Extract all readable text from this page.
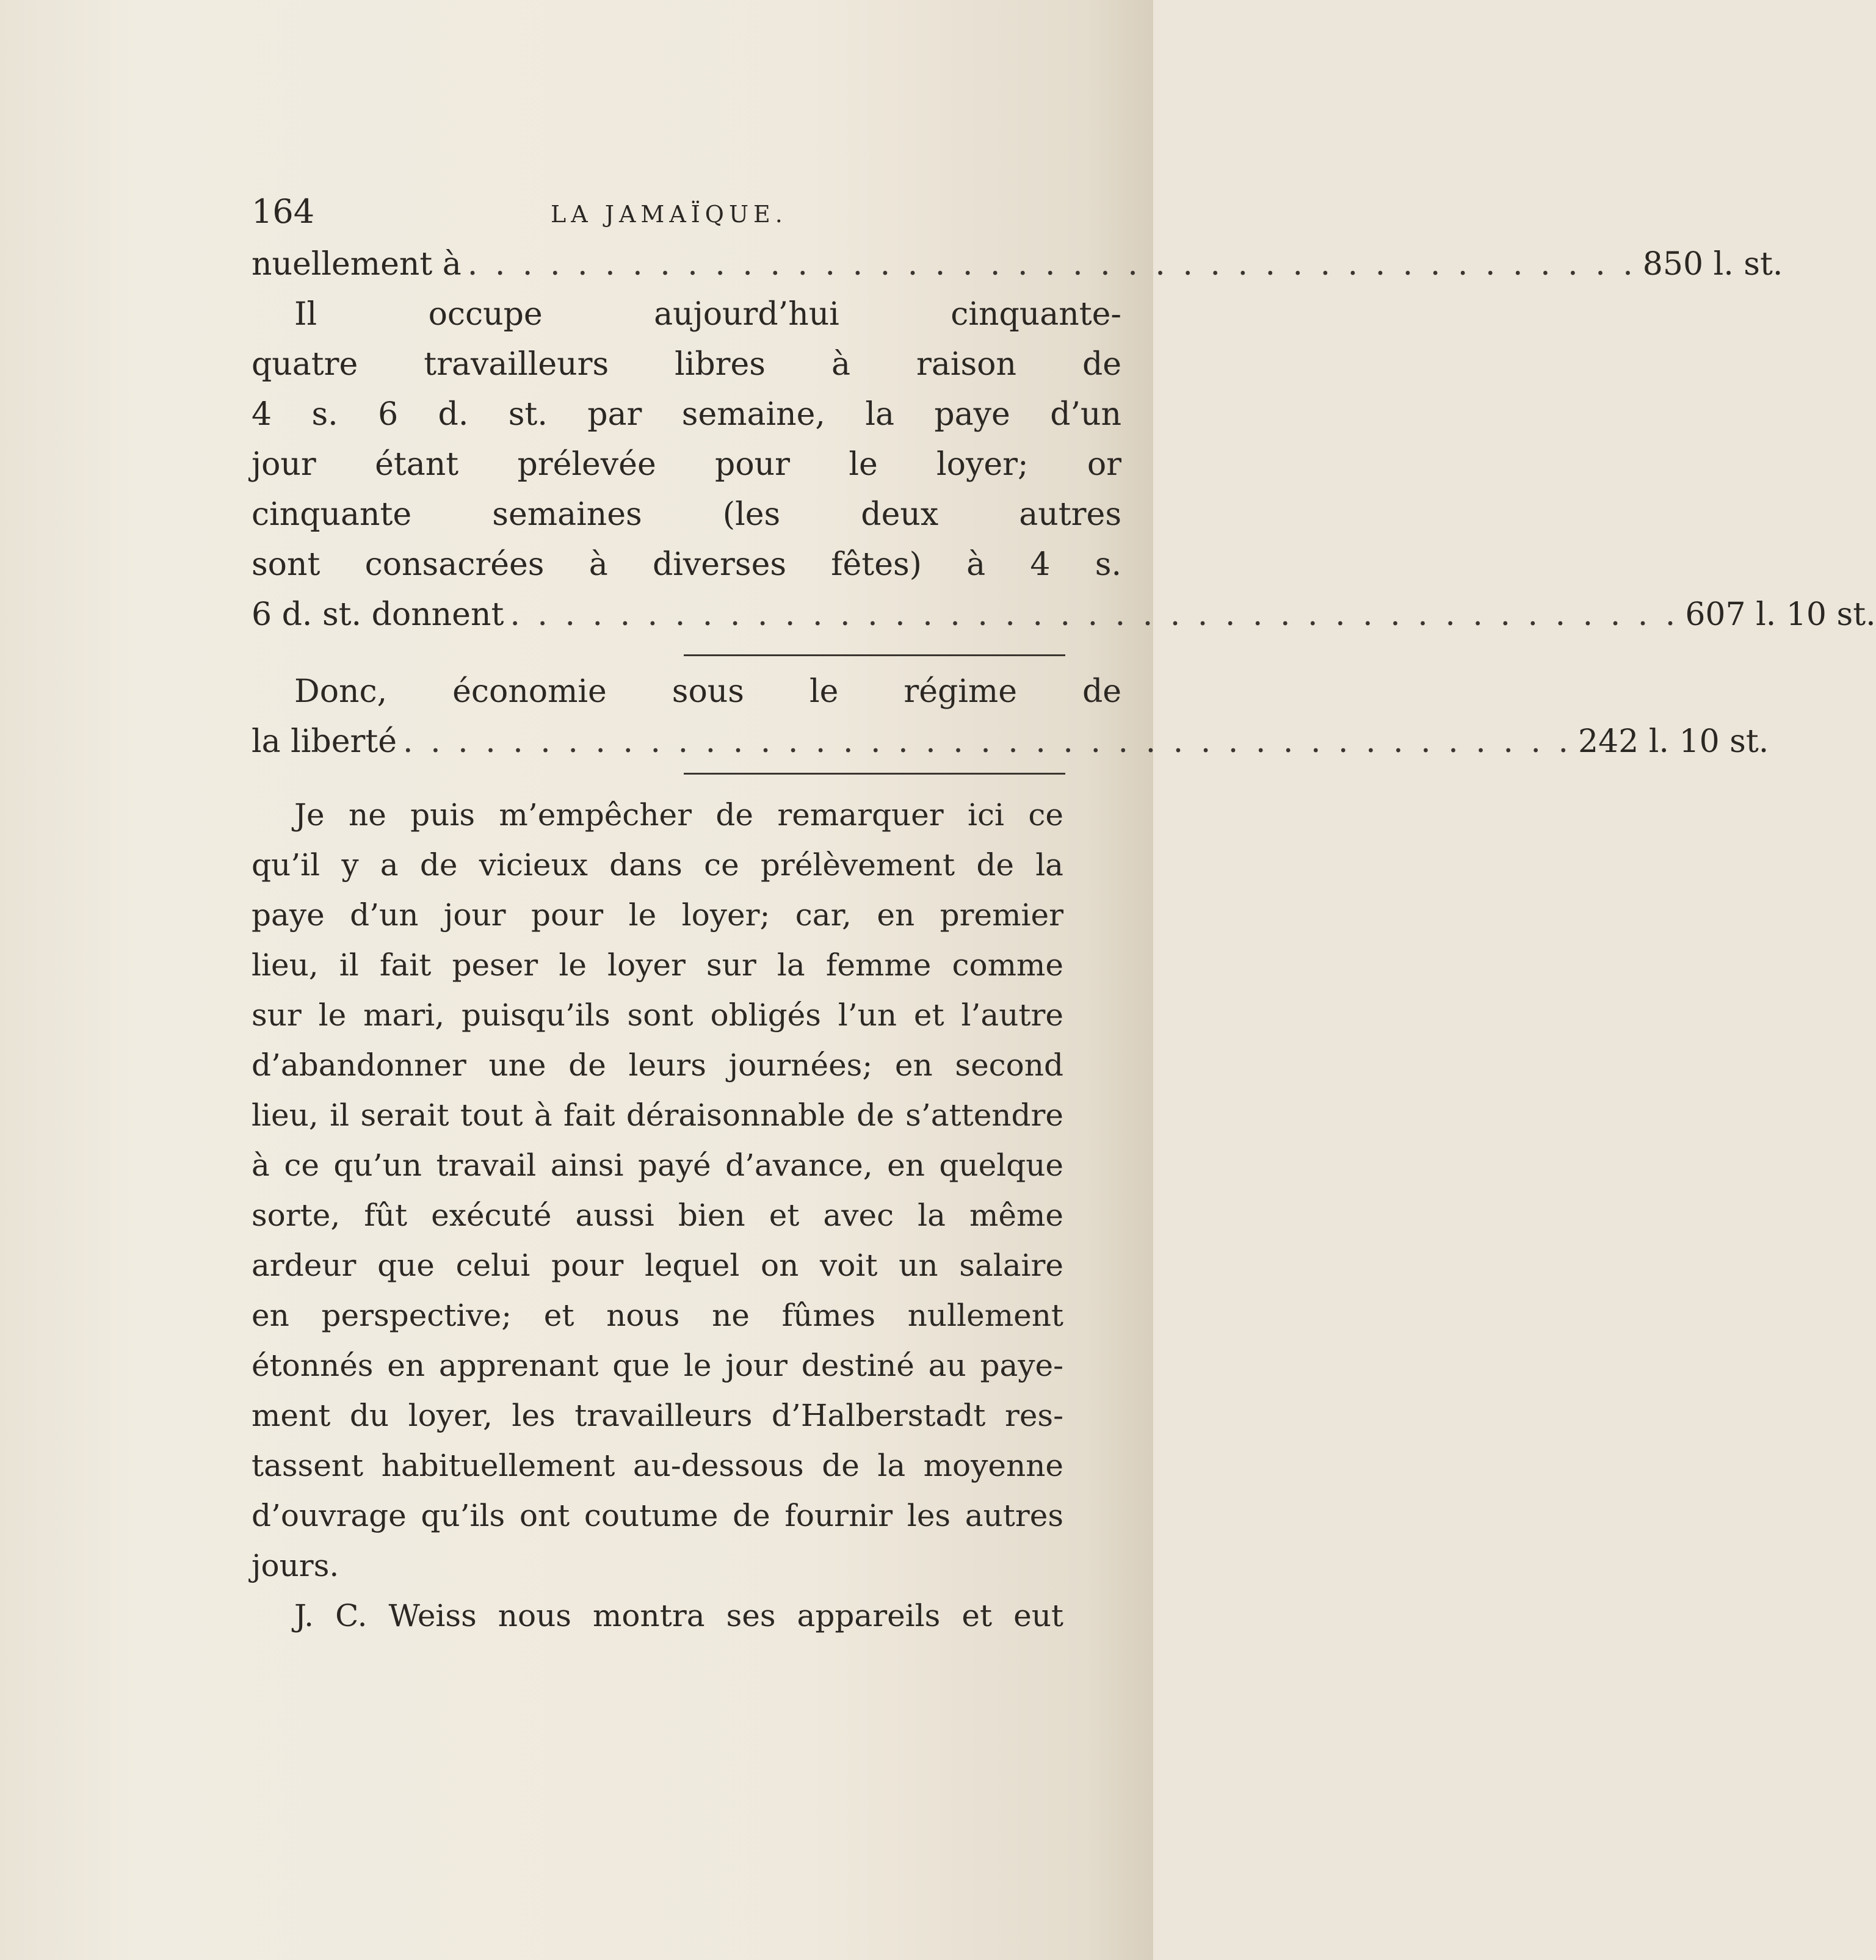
164	LA JAMAÏQUE.
nuellement à . . . . . . . . . . . . . . . . . . . . . . . . . . . . . . . . . . . . . . . . . . . 850 l. st.
Il occupe aujourd’hui cinquante-
quatre travailleurs libres à raison de
4 s. 6 d. st. par semaine, la paye d’un
jour étant prélevée pour le loyer; or
cinquante semaines (les deux autres
sont consacrées à diverses fêtes) à 4 s.
6 d. st. donnent . . . . . . . . . . . . . . . . . . . . . . . . . . . . . . . . . . . . . . . . . . . 607 l. 10 st.
Donc, économie sous le régime de
la liberté . . . . . . . . . . . . . . . . . . . . . . . . . . . . . . . . . . . . . . . . . . . 242 l. 10 st.
Je ne puis m’empêcher de remarquer ici ce
qu’il y a de vicieux dans ce prélèvement de la
paye d’un jour pour le loyer; car, en premier
lieu, il fait peser le loyer sur la femme comme
sur le mari, puisqu’ils sont obligés l’un et l’autre
d’abandonner une de leurs journées; en second
lieu, il serait tout à fait déraisonnable de s’attendre
à ce qu’un travail ainsi payé d’avance, en quelque
sorte, fût exécuté aussi bien et avec la même
ardeur que celui pour lequel on voit un salaire
en perspective; et nous ne fûmes nullement
étonnés en apprenant que le jour destiné au paye-
ment du loyer, les travailleurs d’Halberstadt res-
tassent habituellement au-dessous de la moyenne
d’ouvrage qu’ils ont coutume de fournir les autres
jours.
J. C. Weiss nous montra ses appareils et eut
